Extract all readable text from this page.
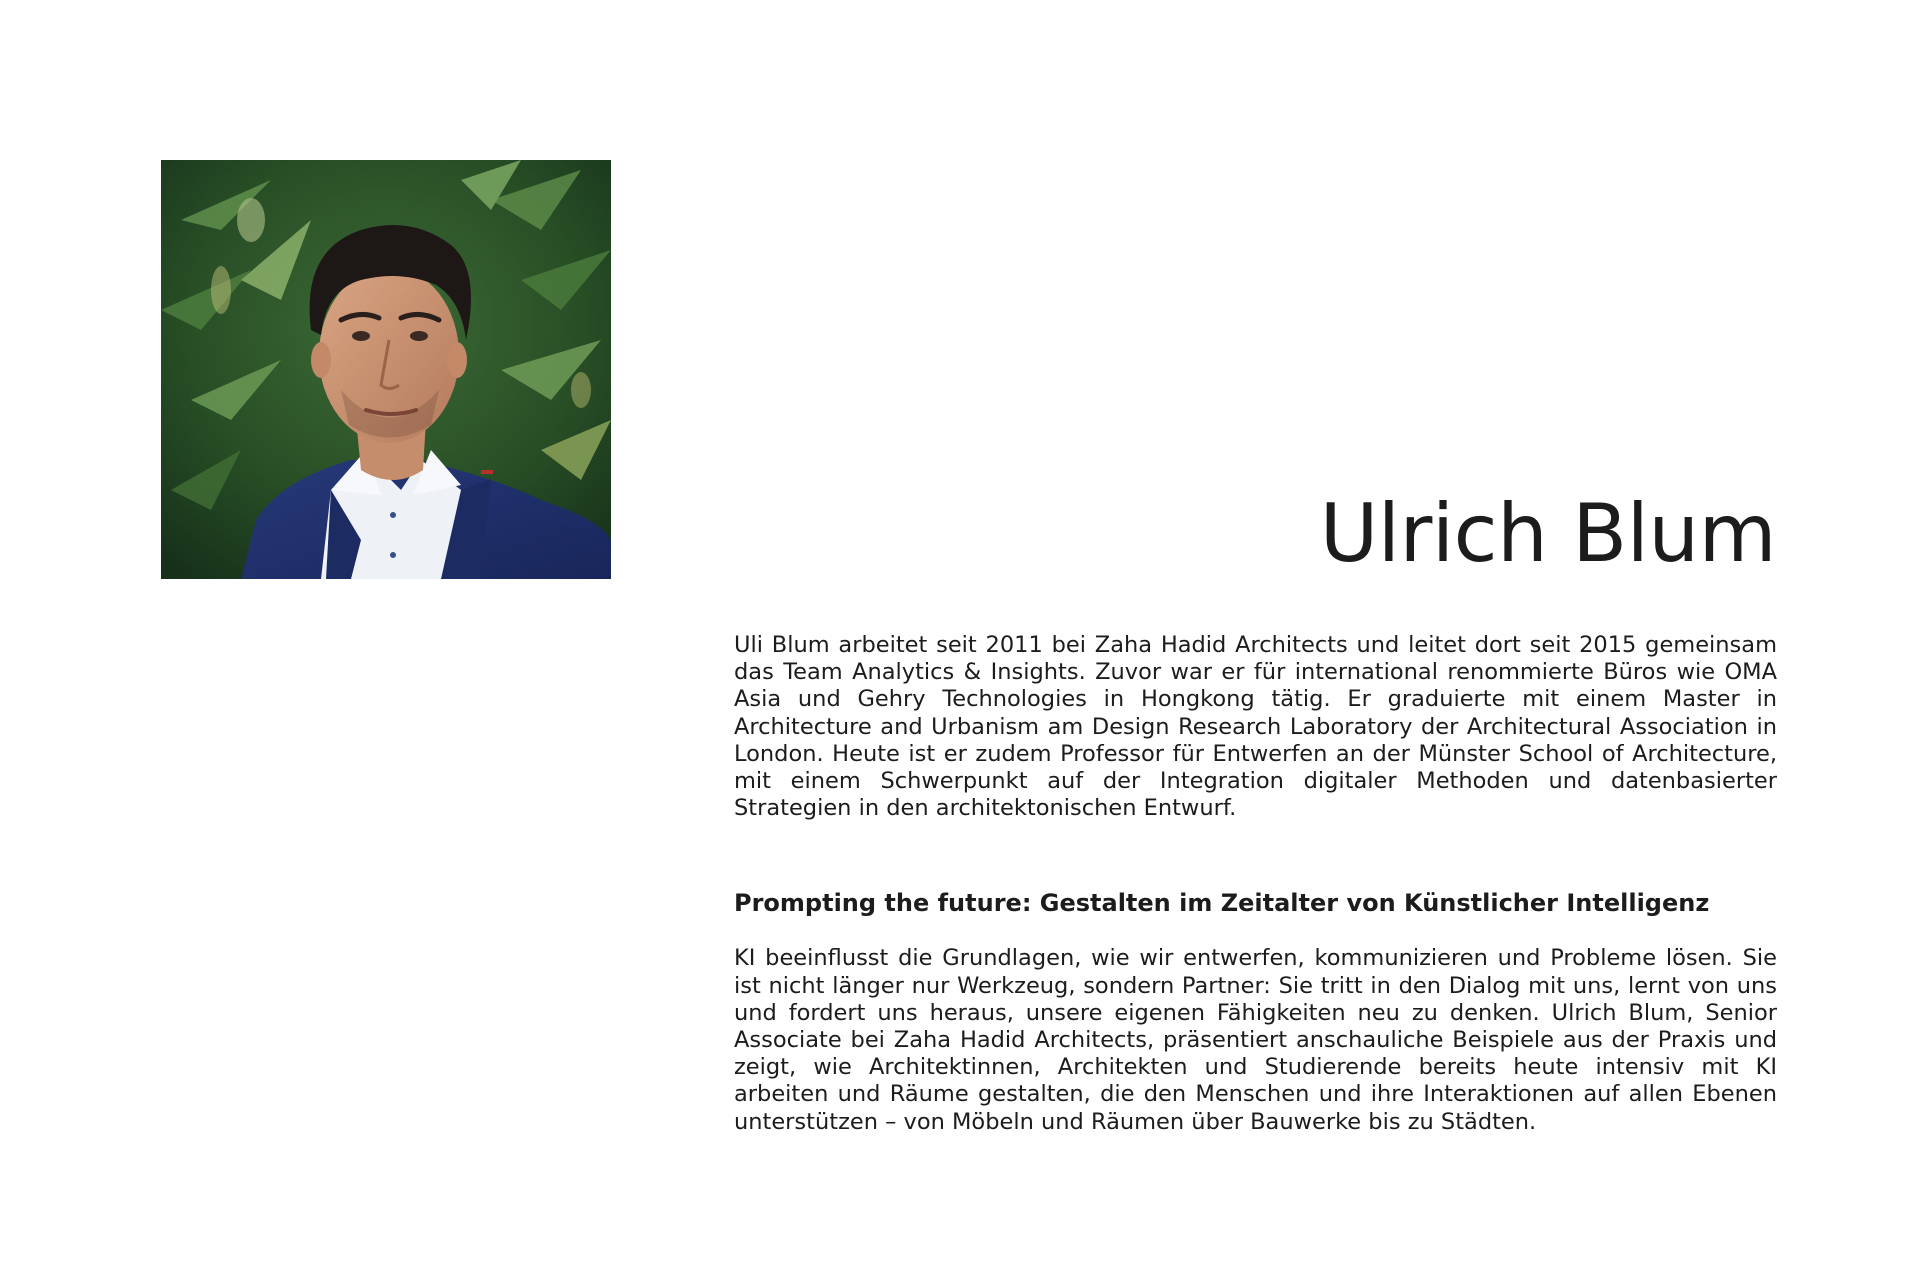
Ulrich Blum

Uli Blum arbeitet seit 2011 bei Zaha Hadid Architects und leitet dort seit 2015 gemeinsam das Team Analytics & Insights. Zuvor war er für international renommierte Büros wie OMA Asia und Gehry Technologies in Hongkong tätig. Er graduierte mit einem Master in Architecture and Urbanism am Design Research Laboratory der Architectural Association in London. Heute ist er zudem Professor für Entwerfen an der Münster School of Architecture, mit einem Schwerpunkt auf der Integration digitaler Methoden und datenbasierter Strategien in den architektonischen Entwurf.

Prompting the future: Gestalten im Zeitalter von Künstlicher Intelligenz

KI beeinflusst die Grundlagen, wie wir entwerfen, kommunizieren und Probleme lösen. Sie ist nicht länger nur Werkzeug, sondern Partner: Sie tritt in den Dialog mit uns, lernt von uns und fordert uns heraus, unsere eigenen Fähigkeiten neu zu denken. Ulrich Blum, Senior Associate bei Zaha Hadid Architects, präsentiert anschauliche Beispiele aus der Praxis und zeigt, wie Architektinnen, Architekten und Studierende bereits heute intensiv mit KI arbeiten und Räume gestalten, die den Menschen und ihre Interaktionen auf allen Ebenen unterstützen – von Möbeln und Räumen über Bauwerke bis zu Städten.
